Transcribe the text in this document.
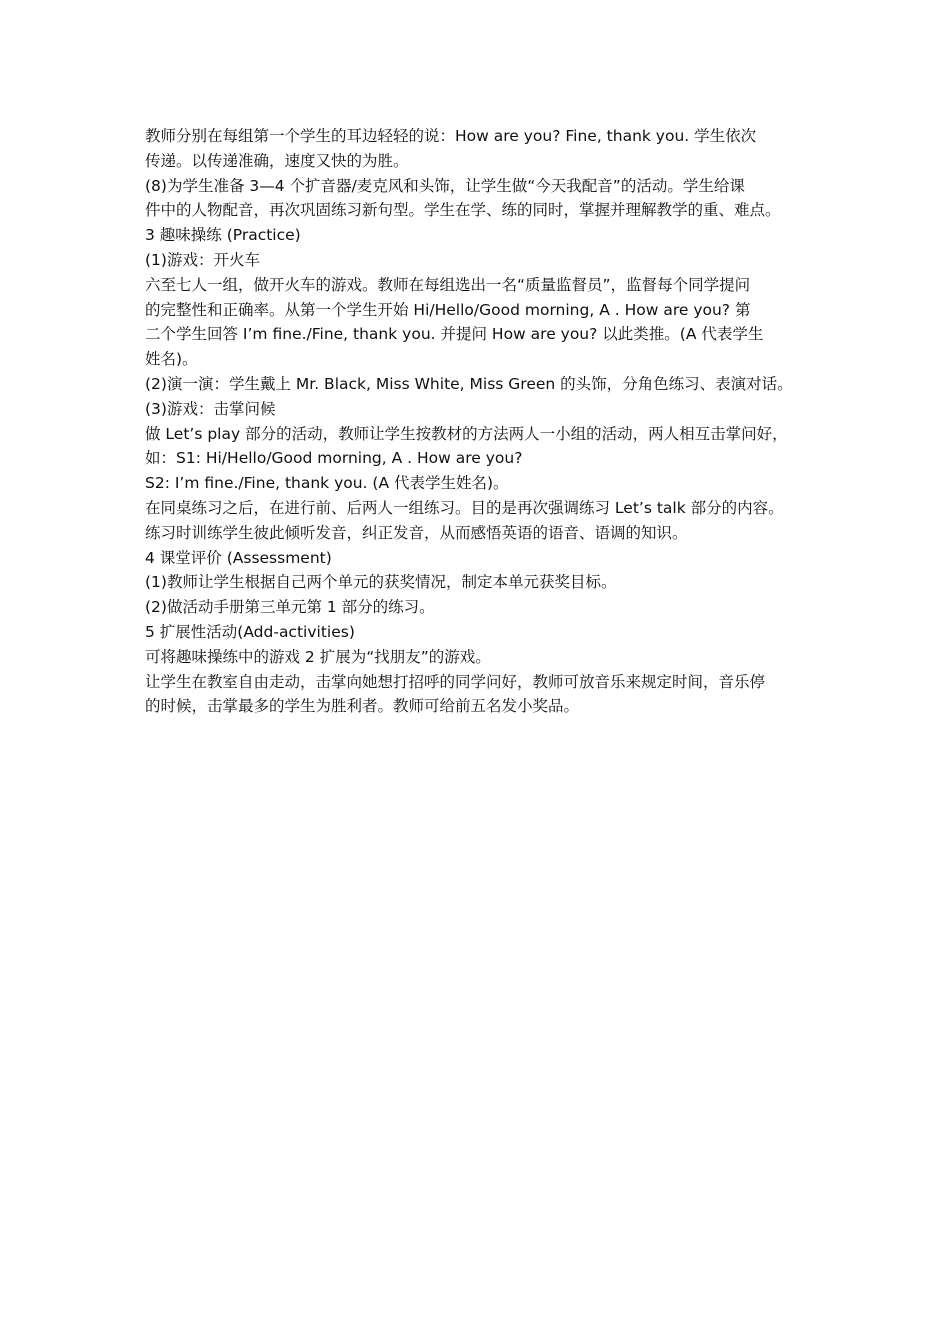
教师分别在每组第一个学生的耳边轻轻的说：How are you? Fine, thank you. 学生依次

传递。以传递准确，速度又快的为胜。

(8)为学生准备 3—4 个扩音器/麦克风和头饰，让学生做“今天我配音”的活动。学生给课

件中的人物配音，再次巩固练习新句型。学生在学、练的同时，掌握并理解教学的重、难点。

3 趣味操练 (Practice)

(1)游戏：开火车

六至七人一组，做开火车的游戏。教师在每组选出一名“质量监督员”，监督每个同学提问

的完整性和正确率。从第一个学生开始 Hi/Hello/Good morning, A . How are you? 第

二个学生回答 I’m fine./Fine, thank you. 并提问 How are you? 以此类推。(A 代表学生

姓名)。

(2)演一演：学生戴上 Mr. Black, Miss White, Miss Green 的头饰，分角色练习、表演对话。

(3)游戏：击掌问候

做 Let’s play 部分的活动，教师让学生按教材的方法两人一小组的活动，两人相互击掌问好，

如：S1: Hi/Hello/Good morning, A . How are you?

S2: I’m fine./Fine, thank you. (A 代表学生姓名)。

在同桌练习之后，在进行前、后两人一组练习。目的是再次强调练习 Let’s talk 部分的内容。

练习时训练学生彼此倾听发音，纠正发音，从而感悟英语的语音、语调的知识。

4 课堂评价 (Assessment)

(1)教师让学生根据自己两个单元的获奖情况，制定本单元获奖目标。

(2)做活动手册第三单元第 1 部分的练习。

5 扩展性活动(Add-activities)

可将趣味操练中的游戏 2 扩展为“找朋友”的游戏。

让学生在教室自由走动，击掌向她想打招呼的同学问好，教师可放音乐来规定时间，音乐停

的时候，击掌最多的学生为胜利者。教师可给前五名发小奖品。
